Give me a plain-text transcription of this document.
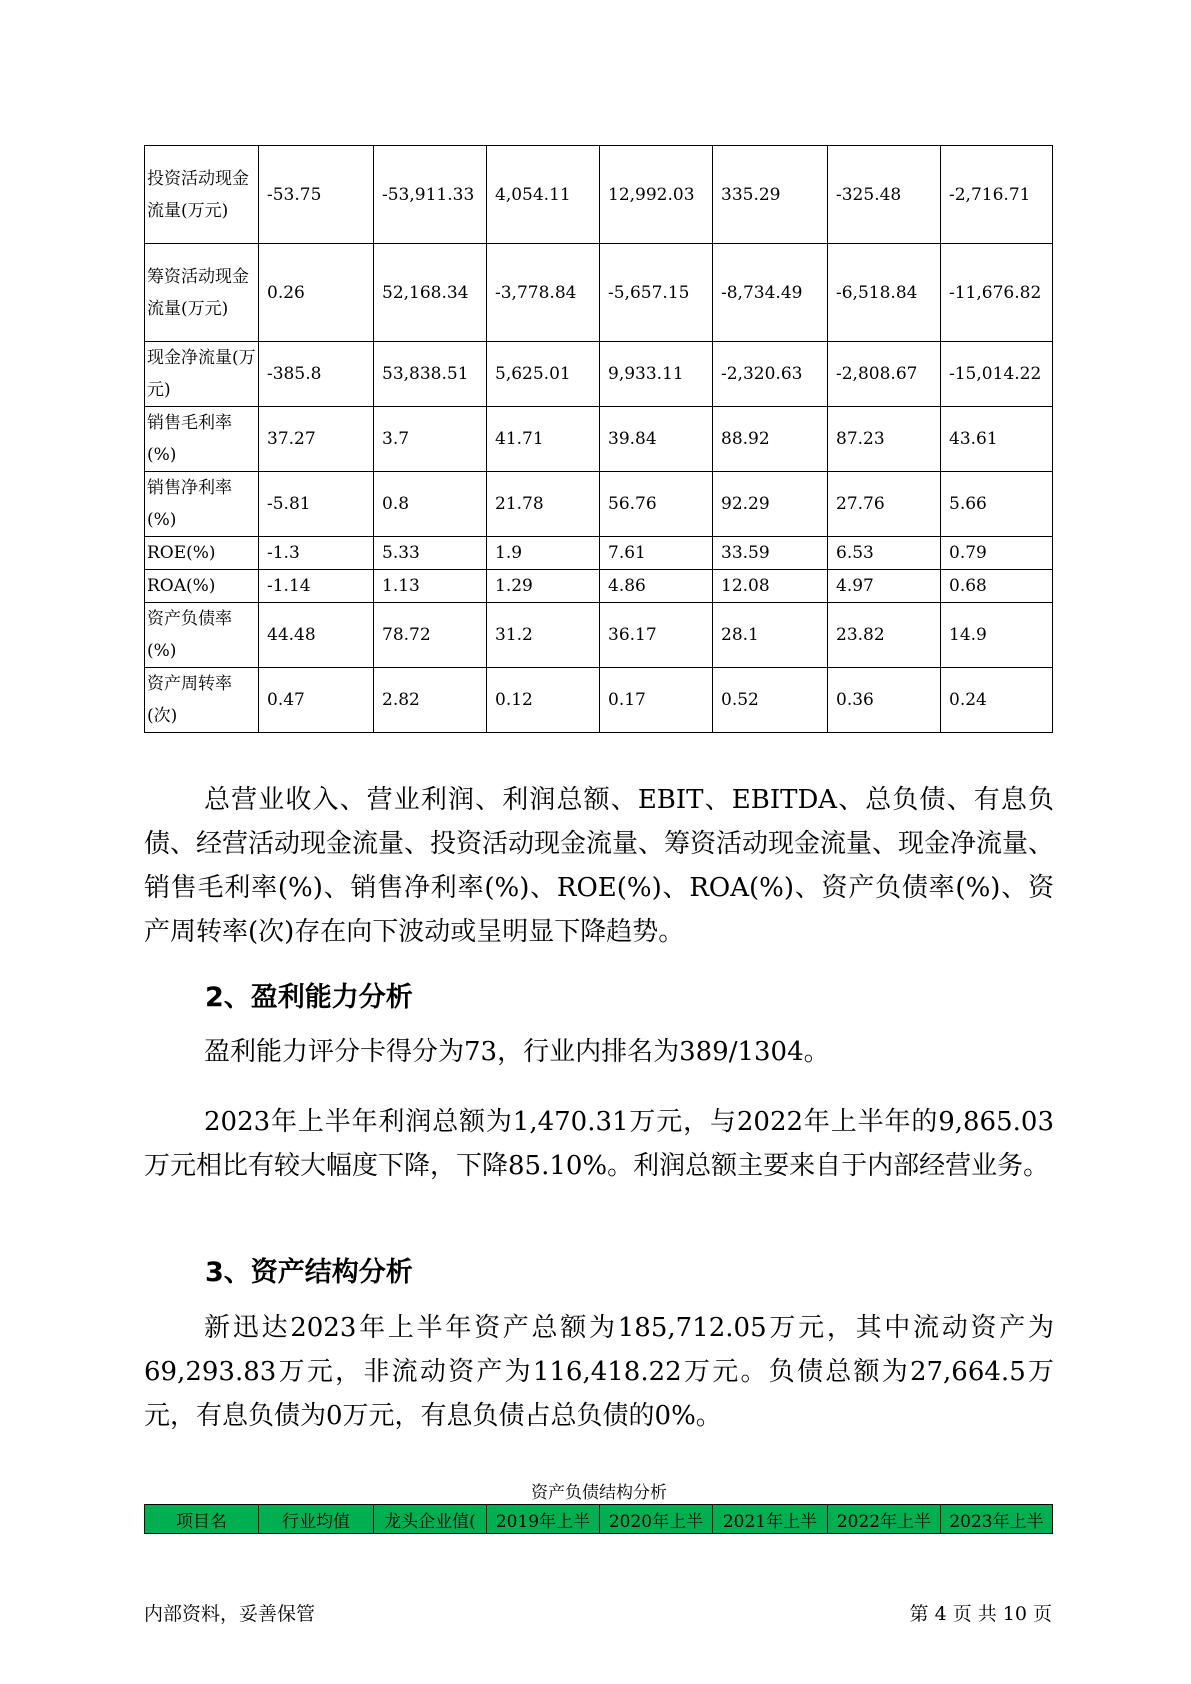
投资活动现金流量(万元)	-53.75	-53,911.33	4,054.11	12,992.03	335.29	-325.48	-2,716.71
筹资活动现金流量(万元)	0.26	52,168.34	-3,778.84	-5,657.15	-8,734.49	-6,518.84	-11,676.82
现金净流量(万元)	-385.8	53,838.51	5,625.01	9,933.11	-2,320.63	-2,808.67	-15,014.22
销售毛利率(%)	37.27	3.7	41.71	39.84	88.92	87.23	43.61
销售净利率(%)	-5.81	0.8	21.78	56.76	92.29	27.76	5.66
ROE(%)	-1.3	5.33	1.9	7.61	33.59	6.53	0.79
ROA(%)	-1.14	1.13	1.29	4.86	12.08	4.97	0.68
资产负债率(%)	44.48	78.72	31.2	36.17	28.1	23.82	14.9
资产周转率(次)	0.47	2.82	0.12	0.17	0.52	0.36	0.24

总营业收入、营业利润、利润总额、EBIT、EBITDA、总负债、有息负债、经营活动现金流量、投资活动现金流量、筹资活动现金流量、现金净流量、销售毛利率(%)、销售净利率(%)、ROE(%)、ROA(%)、资产负债率(%)、资产周转率(次)存在向下波动或呈明显下降趋势。

2、盈利能力分析

盈利能力评分卡得分为73，行业内排名为389/1304。

2023年上半年利润总额为1,470.31万元，与2022年上半年的9,865.03万元相比有较大幅度下降，下降85.10%。利润总额主要来自于内部经营业务。

3、资产结构分析

新迅达2023年上半年资产总额为185,712.05万元，其中流动资产为69,293.83万元，非流动资产为116,418.22万元。负债总额为27,664.5万元，有息负债为0万元，有息负债占总负债的0%。

资产负债结构分析
项目名	行业均值	龙头企业值(	2019年上半	2020年上半	2021年上半	2022年上半	2023年上半
内部资料，妥善保管	第 4 页 共 10 页
